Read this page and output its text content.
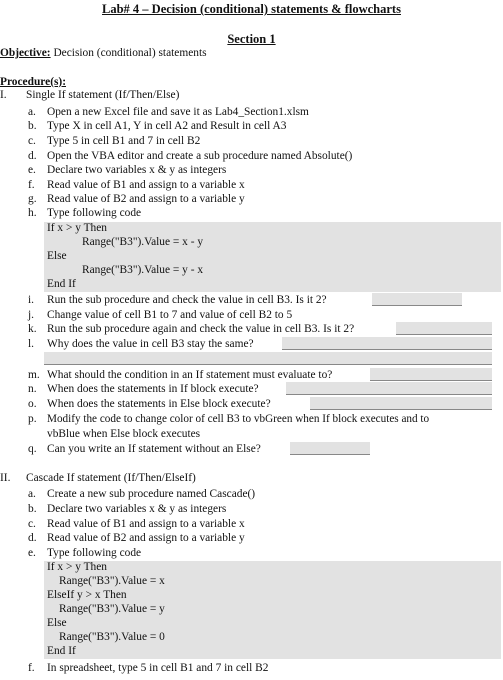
Lab# 4 – Decision (conditional) statements & flowcharts
Section 1
Objective: Decision (conditional) statements
Procedure(s):
I. Single If statement (If/Then/Else)
a. Open a new Excel file and save it as Lab4_Section1.xlsm
b. Type X in cell A1, Y in cell A2 and Result in cell A3
c. Type 5 in cell B1 and 7 in cell B2
d. Open the VBA editor and create a sub procedure named Absolute()
e. Declare two variables x & y as integers
f. Read value of B1 and assign to a variable x
g. Read value of B2 and assign to a variable y
h. Type following code
If x > y Then
Range("B3").Value = x - y
Else
Range("B3").Value = y - x
End If
i. Run the sub procedure and check the value in cell B3. Is it 2?
j. Change value of cell B1 to 7 and value of cell B2 to 5
k. Run the sub procedure again and check the value in cell B3. Is it 2?
l. Why does the value in cell B3 stay the same?
m. What should the condition in an If statement must evaluate to?
n. When does the statements in If block execute?
o. When does the statements in Else block execute?
p. Modify the code to change color of cell B3 to vbGreen when If block executes and to
vbBlue when Else block executes
q. Can you write an If statement without an Else?
II. Cascade If statement (If/Then/ElseIf)
a. Create a new sub procedure named Cascade()
b. Declare two variables x & y as integers
c. Read value of B1 and assign to a variable x
d. Read value of B2 and assign to a variable y
e. Type following code
If x > y Then
Range("B3").Value = x
ElseIf y > x Then
Range("B3").Value = y
Else
Range("B3").Value = 0
End If
f. In spreadsheet, type 5 in cell B1 and 7 in cell B2
